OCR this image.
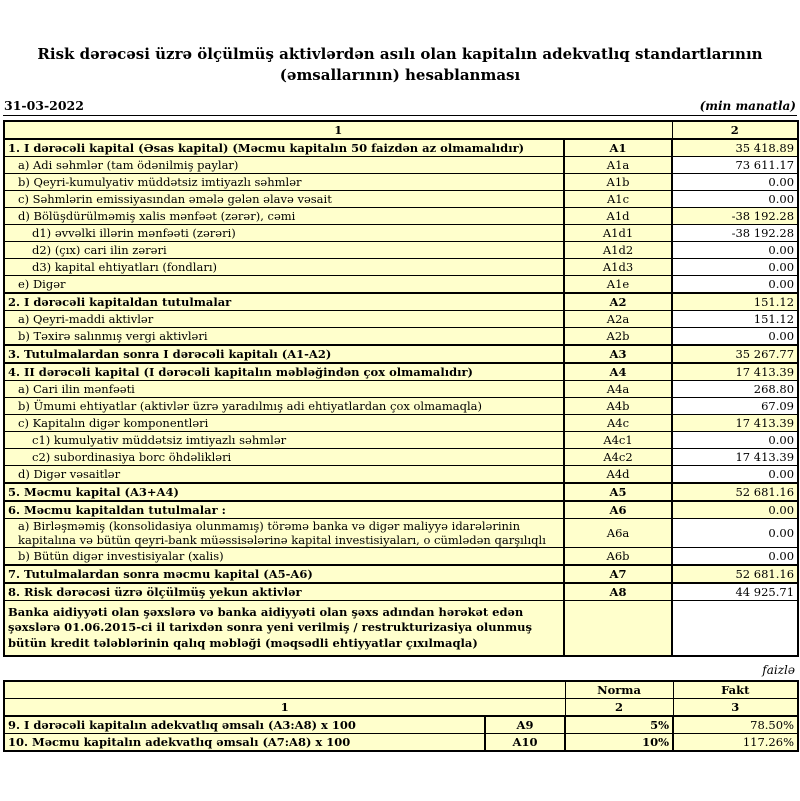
Risk dərəcəsi üzrə ölçülmüş aktivlərdən asılı olan kapitalın adekvatlıq standartlarının (əmsallarının) hesablanması
31-03-2022	(min manatla)
1		2
1. I dərəcəli kapital (Əsas kapital) (Məcmu kapitalın 50 faizdən az olmamalıdır)	A1	35 418.89
a) Adi səhmlər (tam ödənilmiş paylar)	A1a	73 611.17
b) Qeyri-kumulyativ müddətsiz imtiyazlı səhmlər	A1b	0.00
c) Səhmlərin emissiyasından əmələ gələn əlavə vəsait	A1c	0.00
d) Bölüşdürülməmiş xalis mənfəət (zərər), cəmi	A1d	-38 192.28
d1) əvvəlki illərin mənfəəti (zərəri)	A1d1	-38 192.28
d2) (çıx) cari ilin zərəri	A1d2	0.00
d3) kapital ehtiyatları (fondları)	A1d3	0.00
e) Digər	A1e	0.00
2. I dərəcəli kapitaldan tutulmalar	A2	151.12
a) Qeyri-maddi aktivlər	A2a	151.12
b) Təxirə salınmış vergi aktivləri	A2b	0.00
3. Tutulmalardan sonra I dərəcəli kapitalı (A1-A2)	A3	35 267.77
4. II dərəcəli kapital (I dərəcəli kapitalın məbləğindən çox olmamalıdır)	A4	17 413.39
a) Cari ilin mənfəəti	A4a	268.80
b) Ümumi ehtiyatlar (aktivlər üzrə yaradılmış adi ehtiyatlardan çox olmamaqla)	A4b	67.09
c) Kapitalın digər komponentləri	A4c	17 413.39
c1) kumulyativ müddətsiz imtiyazlı səhmlər	A4c1	0.00
c2) subordinasiya borc öhdəlikləri	A4c2	17 413.39
d) Digər vəsaitlər	A4d	0.00
5. Məcmu kapital (A3+A4)	A5	52 681.16
6. Məcmu kapitaldan tutulmalar :	A6	0.00
a) Birləşməmiş (konsolidasiya olunmamış) törəmə banka və digər maliyyə idarələrinin kapitalına və bütün qeyri-bank müəssisələrinə kapital investisiyaları, o cümlədən qarşılıqlı	A6a	0.00
b) Bütün digər investisiyalar (xalis)	A6b	0.00
7. Tutulmalardan sonra məcmu kapital (A5-A6)	A7	52 681.16
8. Risk dərəcəsi üzrə ölçülmüş yekun aktivlər	A8	44 925.71
Banka aidiyyəti olan şəxslərə və banka aidiyyəti olan şəxs adından hərəkət edən şəxslərə 01.06.2015-ci il tarixdən sonra yeni verilmiş / restrukturizasiya olunmuş bütün kredit tələblərinin qalıq məbləği (məqsədli ehtiyyatlar çıxılmaqla)		
faizlə
		Norma	Fakt
1		2	3
9. I dərəcəli kapitalın adekvatlıq əmsalı (A3:A8) x 100	A9	5%	78.50%
10. Məcmu kapitalın adekvatlıq əmsalı (A7:A8) x 100	A10	10%	117.26%
